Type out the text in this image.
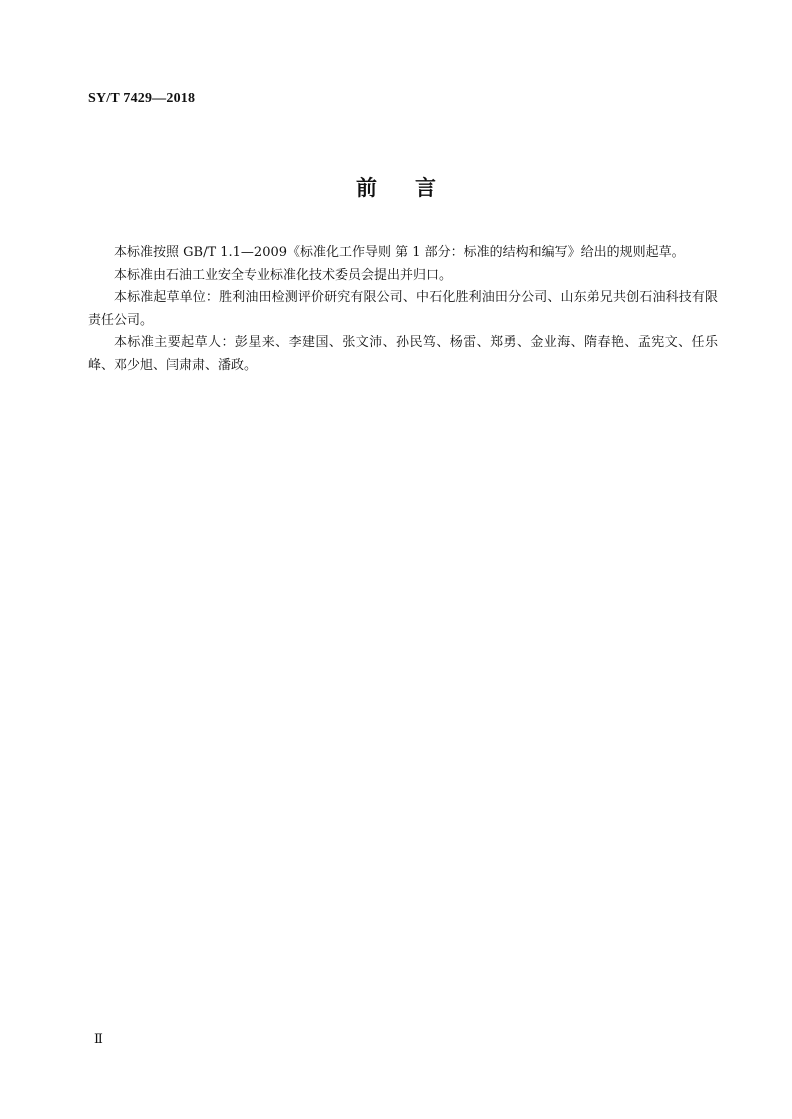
SY/T 7429—2018

前 言

本标准按照 GB/T 1.1—2009《标准化工作导则 第 1 部分：标准的结构和编写》给出的规则起草。

本标准由石油工业安全专业标准化技术委员会提出并归口。

本标准起草单位：胜利油田检测评价研究有限公司、中石化胜利油田分公司、山东弟兄共创石油科技有限责任公司。

本标准主要起草人：彭星来、李建国、张文沛、孙民笃、杨雷、郑勇、金业海、隋春艳、孟宪文、任乐峰、邓少旭、闫肃肃、潘政。

Ⅱ
